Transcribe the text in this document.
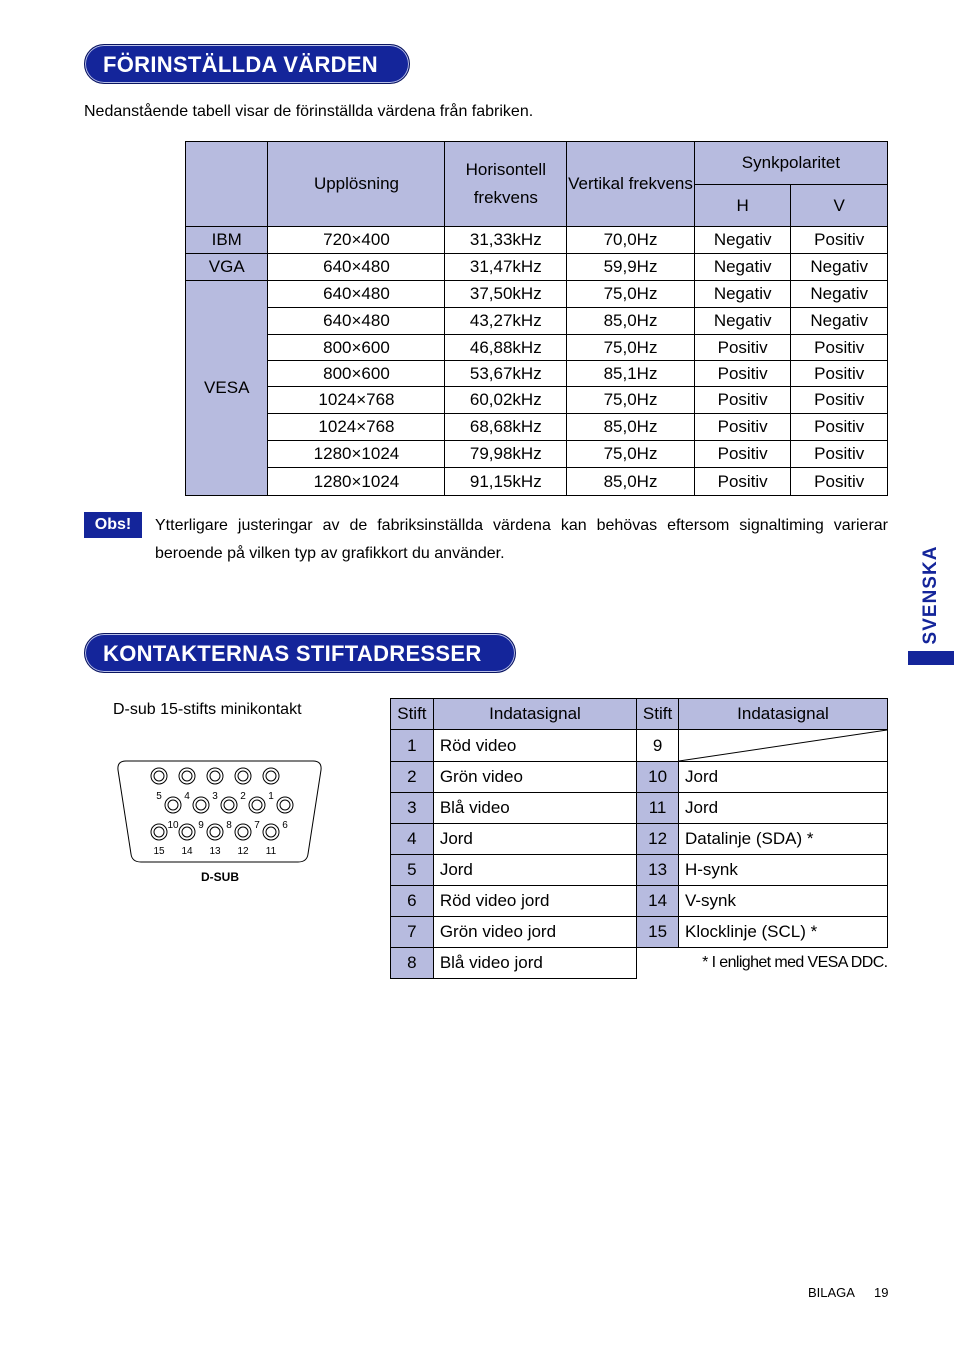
FÖRINSTÄLLDA VÄRDEN
Nedanstående tabell visar de förinställda värdena från fabriken.
	Upplösning	Horisontell frekvens	Vertikal frekvens	Synkpolaritet	
				H	V
IBM	720×400	31,33kHz	70,0Hz	Negativ	Positiv
VGA	640×480	31,47kHz	59,9Hz	Negativ	Negativ
VESA	640×480	37,50kHz	75,0Hz	Negativ	Negativ
	640×480	43,27kHz	85,0Hz	Negativ	Negativ
	800×600	46,88kHz	75,0Hz	Positiv	Positiv
	800×600	53,67kHz	85,1Hz	Positiv	Positiv
	1024×768	60,02kHz	75,0Hz	Positiv	Positiv
	1024×768	68,68kHz	85,0Hz	Positiv	Positiv
	1280×1024	79,98kHz	75,0Hz	Positiv	Positiv
	1280×1024	91,15kHz	85,0Hz	Positiv	Positiv
Obs!	Ytterligare justeringar av de fabriksinställda värdena kan behövas eftersom signaltiming varierar beroende på vilken typ av grafikkort du använder.	SVENSKA
KONTAKTERNAS STIFTADRESSER
D-sub 15-stifts minikontakt
5 4 3 2 1
10 9 8 7 6
15 14 13 12 11
D-SUB
Stift	Indatasignal	Stift	Indatasignal
1	Röd video	9	

2	Grön video	10	Jord
3	Blå video	11	Jord
4	Jord	12	Datalinje (SDA) *
5	Jord	13	H-synk
6	Röd video jord	14	V-synk
7	Grön video jord	15	Klocklinje (SCL) *
8	Blå video jord	* I enlighet med VESA DDC.	
BILAGA 19
